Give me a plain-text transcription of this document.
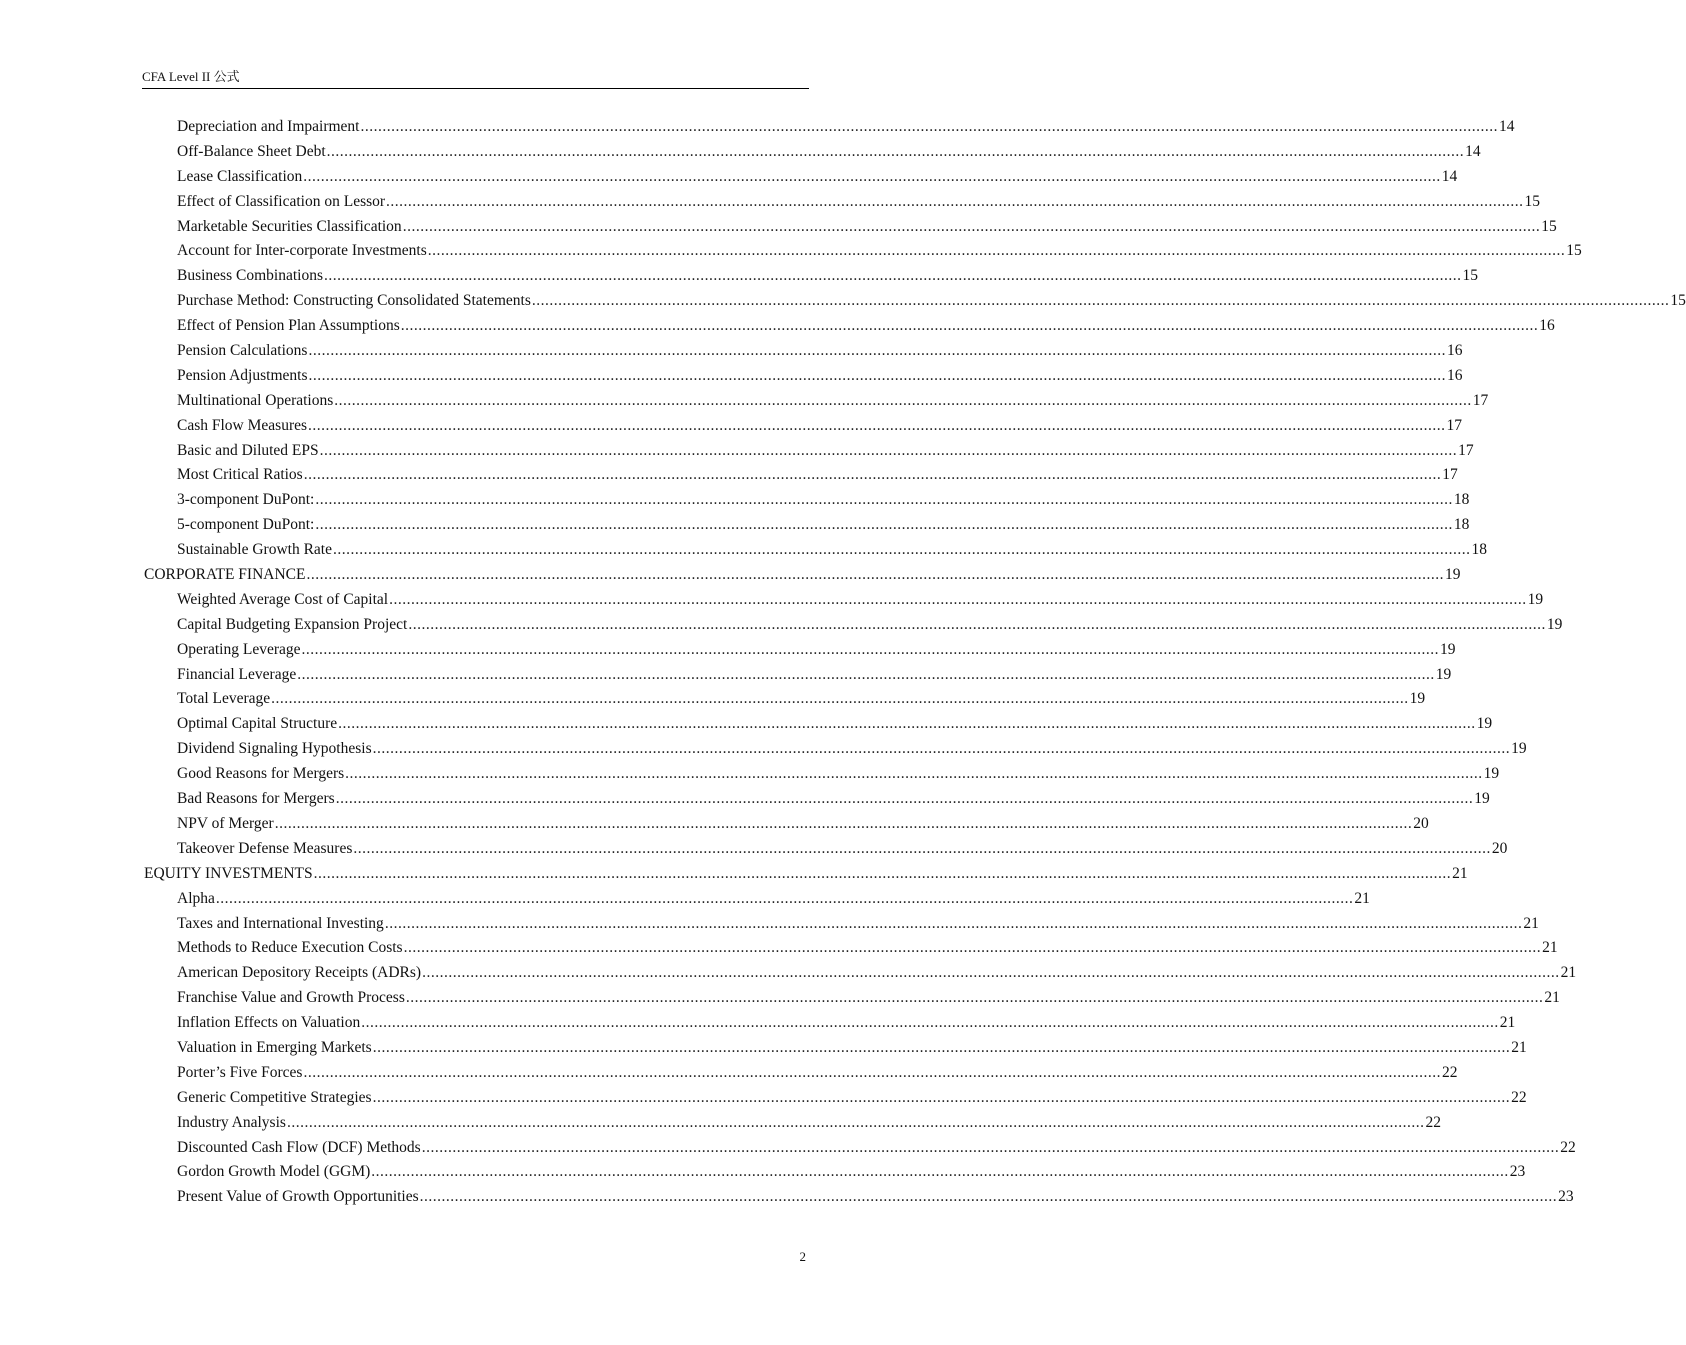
CFA Level II 公式
Depreciation and Impairment .................................................................................................................................................................................................................................................................... 14
Off-Balance Sheet Debt .................................................................................................................................................................................................................................................................... 14
Lease Classification .................................................................................................................................................................................................................................................................... 14
Effect of Classification on Lessor .................................................................................................................................................................................................................................................................... 15
Marketable Securities Classification .................................................................................................................................................................................................................................................................... 15
Account for Inter-corporate Investments .................................................................................................................................................................................................................................................................... 15
Business Combinations .................................................................................................................................................................................................................................................................... 15
Purchase Method: Constructing Consolidated Statements .................................................................................................................................................................................................................................................................... 15
Effect of Pension Plan Assumptions .................................................................................................................................................................................................................................................................... 16
Pension Calculations .................................................................................................................................................................................................................................................................... 16
Pension Adjustments .................................................................................................................................................................................................................................................................... 16
Multinational Operations .................................................................................................................................................................................................................................................................... 17
Cash Flow Measures .................................................................................................................................................................................................................................................................... 17
Basic and Diluted EPS .................................................................................................................................................................................................................................................................... 17
Most Critical Ratios .................................................................................................................................................................................................................................................................... 17
3-component DuPont: .................................................................................................................................................................................................................................................................... 18
5-component DuPont: .................................................................................................................................................................................................................................................................... 18
Sustainable Growth Rate .................................................................................................................................................................................................................................................................... 18
CORPORATE FINANCE .................................................................................................................................................................................................................................................................... 19
Weighted Average Cost of Capital .................................................................................................................................................................................................................................................................... 19
Capital Budgeting Expansion Project .................................................................................................................................................................................................................................................................... 19
Operating Leverage .................................................................................................................................................................................................................................................................... 19
Financial Leverage .................................................................................................................................................................................................................................................................... 19
Total Leverage .................................................................................................................................................................................................................................................................... 19
Optimal Capital Structure .................................................................................................................................................................................................................................................................... 19
Dividend Signaling Hypothesis .................................................................................................................................................................................................................................................................... 19
Good Reasons for Mergers .................................................................................................................................................................................................................................................................... 19
Bad Reasons for Mergers .................................................................................................................................................................................................................................................................... 19
NPV of Merger .................................................................................................................................................................................................................................................................... 20
Takeover Defense Measures .................................................................................................................................................................................................................................................................... 20
EQUITY INVESTMENTS .................................................................................................................................................................................................................................................................... 21
Alpha .................................................................................................................................................................................................................................................................... 21
Taxes and International Investing .................................................................................................................................................................................................................................................................... 21
Methods to Reduce Execution Costs .................................................................................................................................................................................................................................................................... 21
American Depository Receipts (ADRs) .................................................................................................................................................................................................................................................................... 21
Franchise Value and Growth Process .................................................................................................................................................................................................................................................................... 21
Inflation Effects on Valuation .................................................................................................................................................................................................................................................................... 21
Valuation in Emerging Markets .................................................................................................................................................................................................................................................................... 21
Porter’s Five Forces .................................................................................................................................................................................................................................................................... 22
Generic Competitive Strategies .................................................................................................................................................................................................................................................................... 22
Industry Analysis .................................................................................................................................................................................................................................................................... 22
Discounted Cash Flow (DCF) Methods .................................................................................................................................................................................................................................................................... 22
Gordon Growth Model (GGM) .................................................................................................................................................................................................................................................................... 23
Present Value of Growth Opportunities .................................................................................................................................................................................................................................................................... 23
2
